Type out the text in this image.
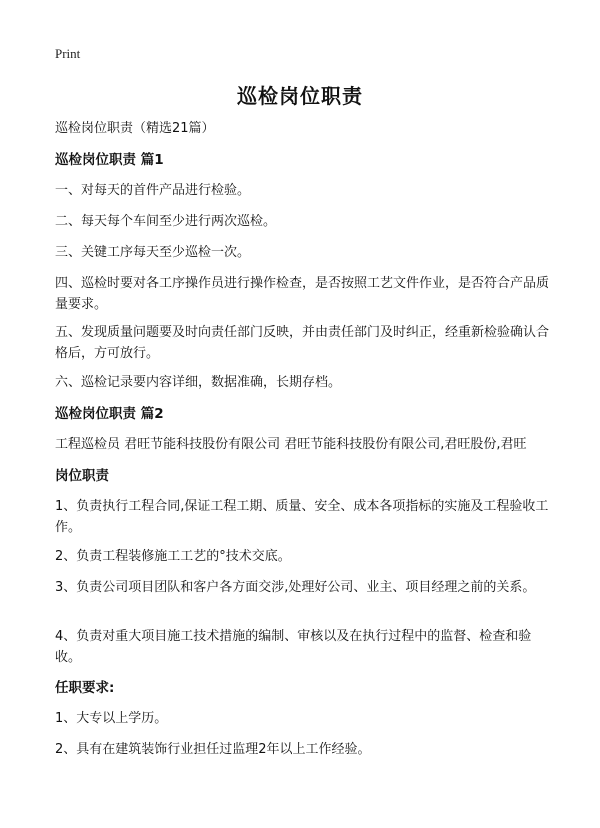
Print
巡检岗位职责
巡检岗位职责（精选21篇）
巡检岗位职责 篇1
一、对每天的首件产品进行检验。
二、每天每个车间至少进行两次巡检。
三、关键工序每天至少巡检一次。
四、巡检时要对各工序操作员进行操作检查，是否按照工艺文件作业，是否符合产品质量要求。
五、发现质量问题要及时向责任部门反映，并由责任部门及时纠正，经重新检验确认合格后，方可放行。
六、巡检记录要内容详细，数据准确，长期存档。
巡检岗位职责 篇2
工程巡检员 君旺节能科技股份有限公司 君旺节能科技股份有限公司,君旺股份,君旺
岗位职责
1、负责执行工程合同,保证工程工期、质量、安全、成本各项指标的实施及工程验收工作。
2、负责工程装修施工工艺的°技术交底。
3、负责公司项目团队和客户各方面交涉,处理好公司、业主、项目经理之前的关系。
4、负责对重大项目施工技术措施的编制、审核以及在执行过程中的监督、检查和验收。
任职要求:
1、大专以上学历。
2、具有在建筑装饰行业担任过监理2年以上工作经验。
